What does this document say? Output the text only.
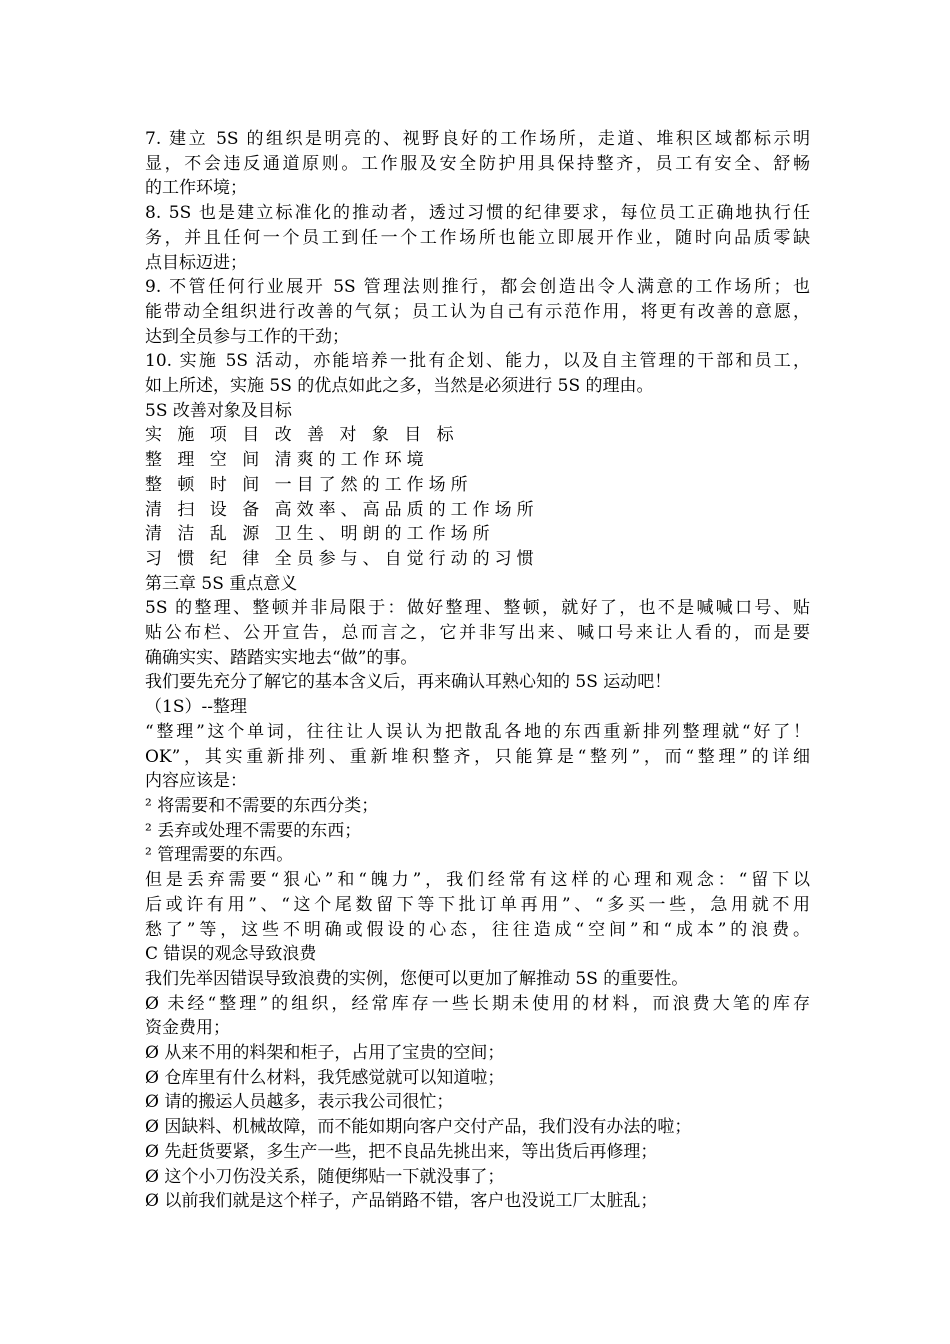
7. 建立 5S 的组织是明亮的、视野良好的工作场所，走道、堆积区域都标示明
显，不会违反通道原则。工作服及安全防护用具保持整齐，员工有安全、舒畅
的工作环境；
8. 5S 也是建立标准化的推动者，透过习惯的纪律要求，每位员工正确地执行任
务，并且任何一个员工到任一个工作场所也能立即展开作业，随时向品质零缺
点目标迈进；
9. 不管任何行业展开 5S 管理法则推行，都会创造出令人满意的工作场所；也
能带动全组织进行改善的气氛；员工认为自己有示范作用，将更有改善的意愿，
达到全员参与工作的干劲；
10. 实施 5S 活动，亦能培养一批有企划、能力，以及自主管理的干部和员工，
如上所述，实施 5S 的优点如此之多，当然是必须进行 5S 的理由。
5S 改善对象及目标
实 施 项 目 改 善 对 象 目 标
整 理 空 间 清爽的工作环境
整 顿 时 间 一目了然的工作场所
清 扫 设 备 高效率、高品质的工作场所
清 洁 乱 源 卫生、明朗的工作场所
习 惯 纪 律 全员参与、自觉行动的习惯
第三章 5S 重点意义
5S 的整理、整顿并非局限于：做好整理、整顿，就好了，也不是喊喊口号、贴
贴公布栏、公开宣告，总而言之，它并非写出来、喊口号来让人看的，而是要
确确实实、踏踏实实地去“做”的事。
我们要先充分了解它的基本含义后，再来确认耳熟心知的 5S 运动吧！
（1S）--整理
“整理”这个单词，往往让人误认为把散乱各地的东西重新排列整理就“好了！
OK”，其实重新排列、重新堆积整齐，只能算是“整列”，而“整理”的详细
内容应该是：
² 将需要和不需要的东西分类；
² 丢弃或处理不需要的东西；
² 管理需要的东西。
但是丢弃需要“狠心”和“魄力”，我们经常有这样的心理和观念：“留下以
后或许有用”、“这个尾数留下等下批订单再用”、“多买一些，急用就不用
愁了”等，这些不明确或假设的心态，往往造成“空间”和“成本”的浪费。
C 错误的观念导致浪费
我们先举因错误导致浪费的实例，您便可以更加了解推动 5S 的重要性。
Ø 未经“整理”的组织，经常库存一些长期未使用的材料，而浪费大笔的库存
资金费用；
Ø 从来不用的料架和柜子，占用了宝贵的空间；
Ø 仓库里有什么材料，我凭感觉就可以知道啦；
Ø 请的搬运人员越多，表示我公司很忙；
Ø 因缺料、机械故障，而不能如期向客户交付产品，我们没有办法的啦；
Ø 先赶货要紧，多生产一些，把不良品先挑出来，等出货后再修理；
Ø 这个小刀伤没关系，随便绑贴一下就没事了；
Ø 以前我们就是这个样子，产品销路不错，客户也没说工厂太脏乱；
